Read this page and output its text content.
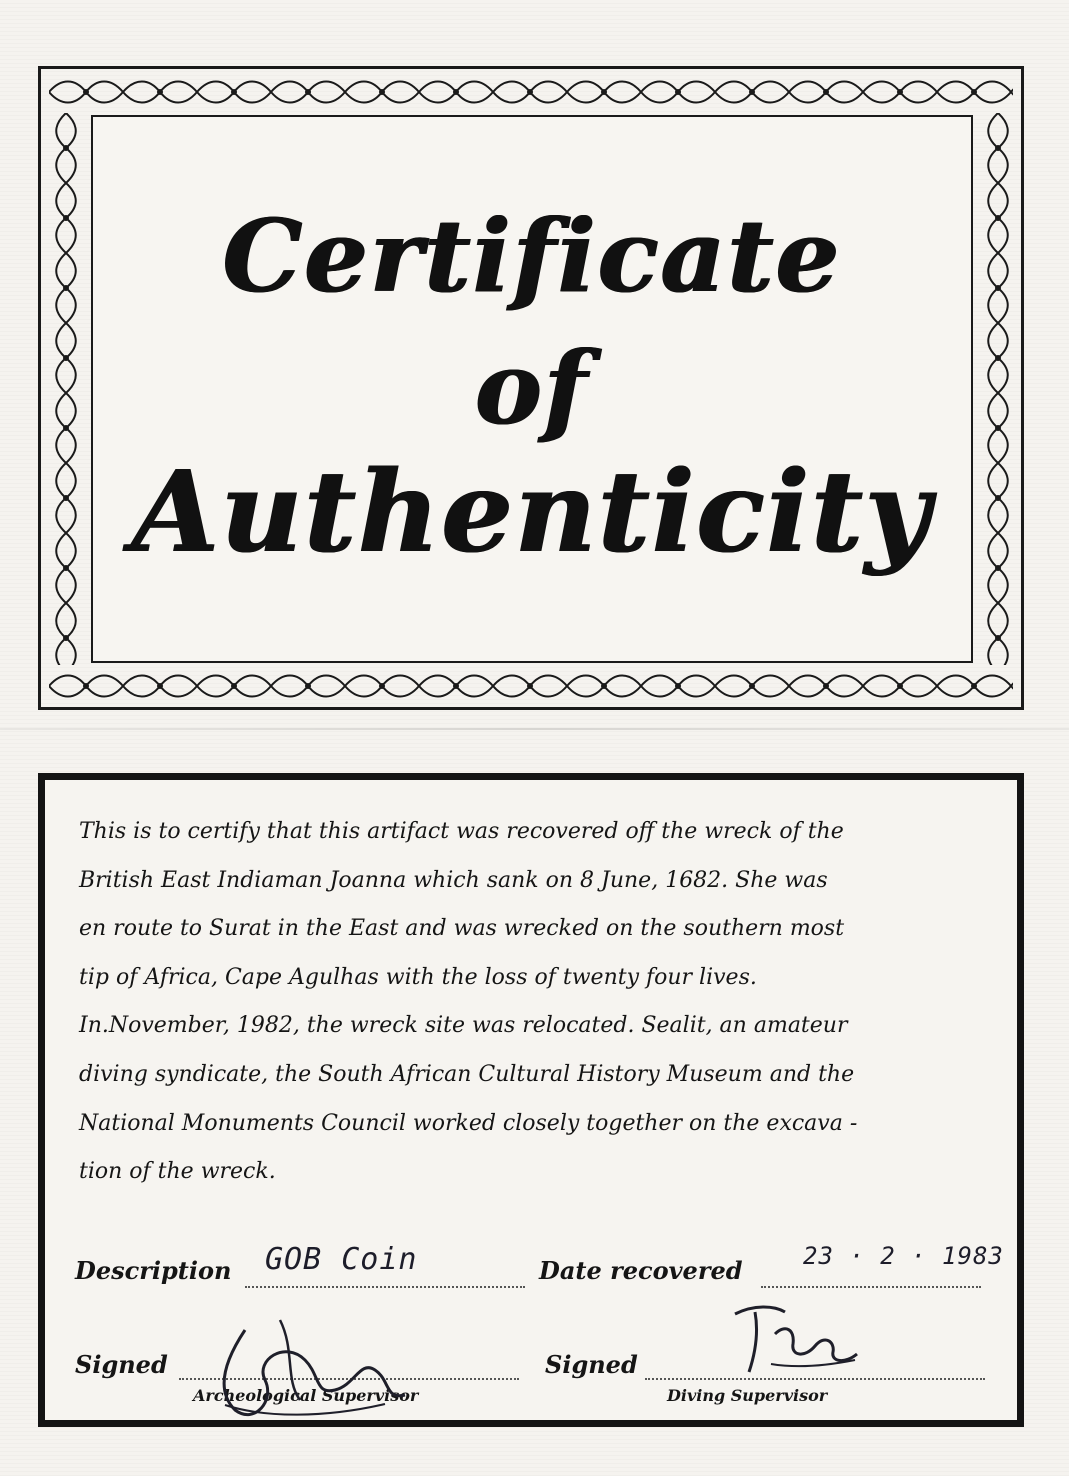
Certificate
of
Authenticity
This is to certify that this artifact was recovered off the wreck of the
British East Indiaman Joanna which sank on 8 June, 1682. She was
en route to Surat in the East and was wrecked on the southern most
tip of Africa, Cape Agulhas with the loss of twenty four lives.
In.November, 1982, the wreck site was relocated. Sealit, an amateur
diving syndicate, the South African Cultural History Museum and the
National Monuments Council worked closely together on the excava -
tion of the wreck.
Description GOB Coin	Date recovered	23 · 2 · 1983
Signed
Archeological Supervisor
Signed
Diving Supervisor
